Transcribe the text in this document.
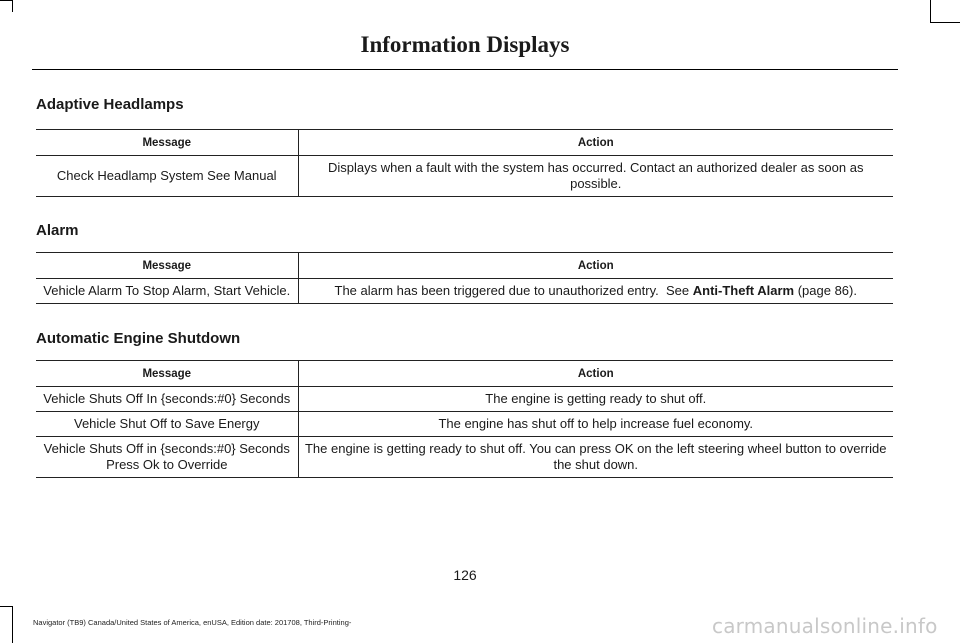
Information Displays
Adaptive Headlamps
Message	Action
Check Headlamp System See Manual	Displays when a fault with the system has occurred. Contact an authorized dealer as soon as possible.
Alarm
Message	Action
Vehicle Alarm To Stop Alarm, Start Vehicle.	The alarm has been triggered due to unauthorized entry.  See Anti-Theft Alarm (page 86).
Automatic Engine Shutdown
Message	Action
Vehicle Shuts Off In {seconds:#0} Seconds	The engine is getting ready to shut off.
Vehicle Shut Off to Save Energy	The engine has shut off to help increase fuel economy.
Vehicle Shuts Off in {seconds:#0} Seconds Press Ok to Override	The engine is getting ready to shut off. You can press OK on the left steering wheel button to override the shut down.
126
Navigator (TB9) Canada/United States of America, enUSA, Edition date: 201708, Third-Printing-	carmanualsonline.info
